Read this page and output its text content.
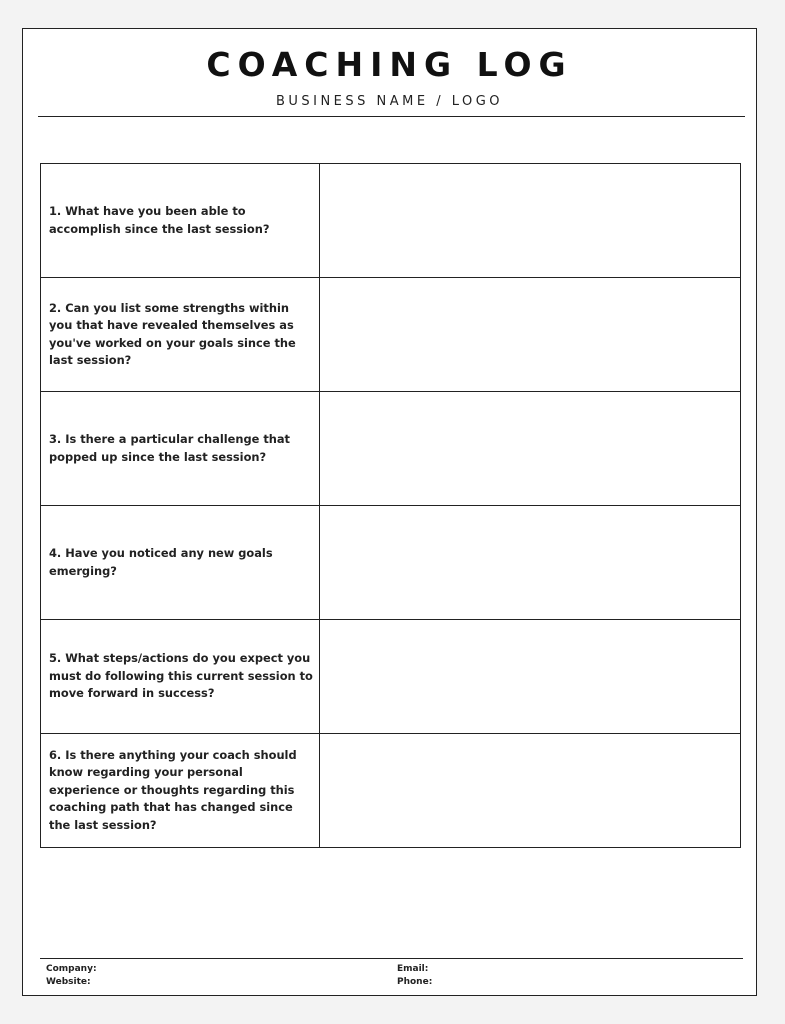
COACHING LOG
BUSINESS NAME / LOGO
1. What have you been able to accomplish since the last session?	
2. Can you list some strengths within you that have revealed themselves as you've worked on your goals since the last session?	
3. Is there a particular challenge that popped up since the last session?	
4. Have you noticed any new goals emerging?	
5. What steps/actions do you expect you must do following this current session to move forward in success?	
6. Is there anything your coach should know regarding your personal experience or thoughts regarding this coaching path that has changed since the last session?	
Company:
Website:
Email:
Phone:
